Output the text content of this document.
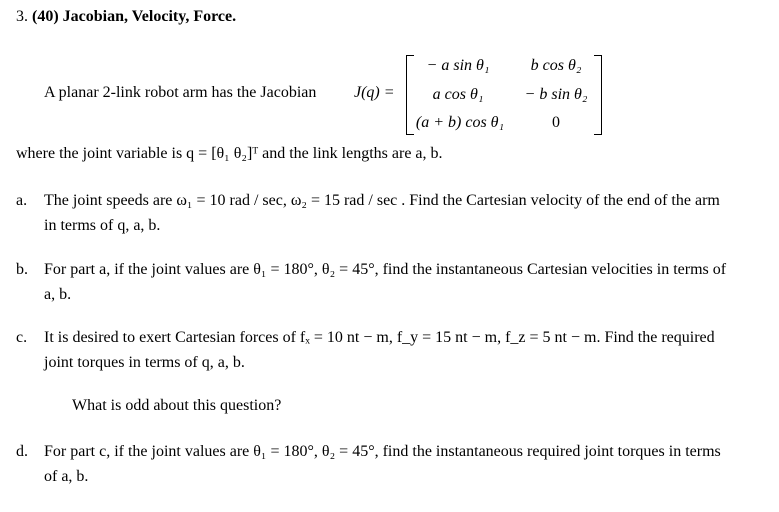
3. (40) Jacobian, Velocity, Force.
A planar 2-link robot arm has the Jacobian J(q) =
− a sin θ₁
a cos θ₁
(a + b) cos θ₁
b cos θ₂
− b sin θ₂
0
where the joint variable is q = [θ₁ θ₂]ᵀ and the link lengths are a, b.
a. The joint speeds are ω₁ = 10 rad / sec, ω₂ = 15 rad / sec . Find the Cartesian velocity of the end of the arm in terms of q, a, b.
b. For part a, if the joint values are θ₁ = 180°, θ₂ = 45°, find the instantaneous Cartesian velocities in terms of a, b.
c. It is desired to exert Cartesian forces of fₓ = 10 nt − m, f_y = 15 nt − m, f_z = 5 nt − m. Find the required joint torques in terms of q, a, b.
What is odd about this question?
d. For part c, if the joint values are θ₁ = 180°, θ₂ = 45°, find the instantaneous required joint torques in terms of a, b.
